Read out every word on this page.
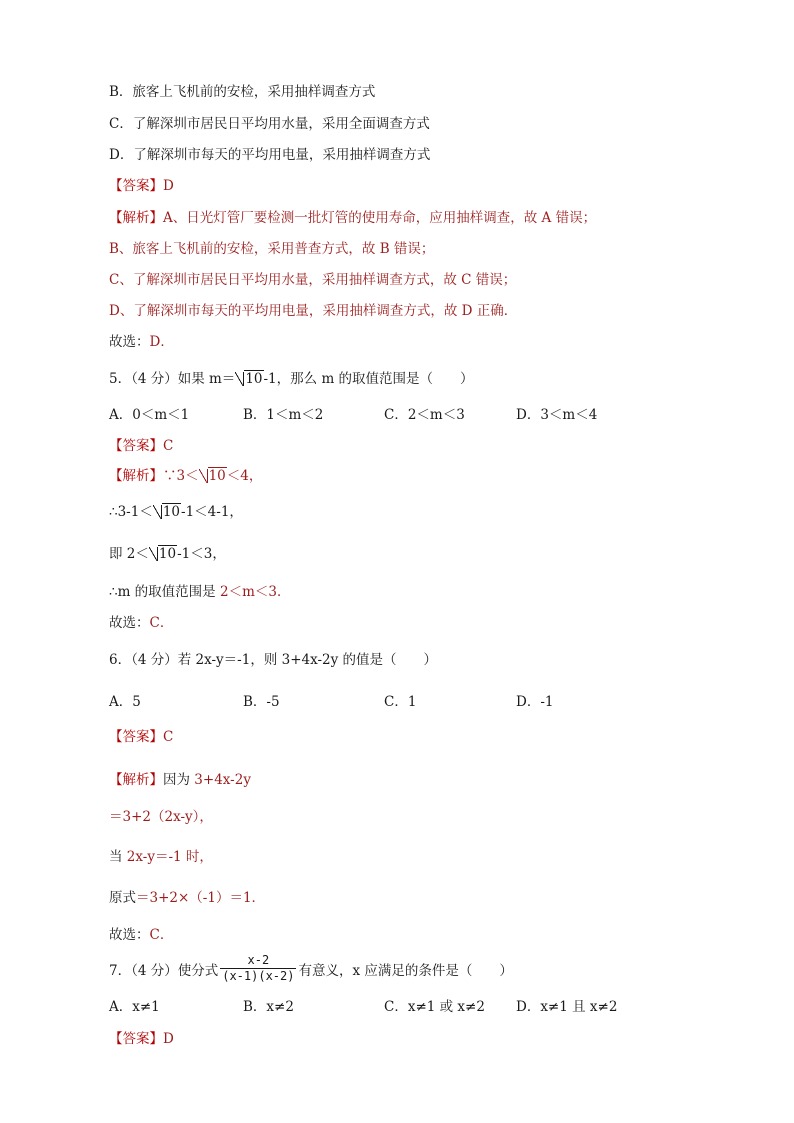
B．旅客上飞机前的安检，采用抽样调查方式
C．了解深圳市居民日平均用水量，采用全面调查方式
D．了解深圳市每天的平均用电量，采用抽样调查方式
【答案】D
【解析】A、日光灯管厂要检测一批灯管的使用寿命，应用抽样调查，故 A 错误；
B、旅客上飞机前的安检，采用普查方式，故 B 错误；
C、了解深圳市居民日平均用水量，采用抽样调查方式，故 C 错误；
D、了解深圳市每天的平均用电量，采用抽样调查方式，故 D 正确．
故选：D．
5．（4 分）如果 m＝ 10-1，那么 m 的取值范围是（　　）
A．0＜m＜1	B．1＜m＜2	C．2＜m＜3	D．3＜m＜4
【答案】C
【解析】∵3＜ 10＜4，
∴3-1＜ 10-1＜4-1，
即 2＜ 10-1＜3，
∴m 的取值范围是 2＜m＜3．
故选：C．
6．（4 分）若 2x-y＝-1，则 3+4x-2y 的值是（　　）
A．5	B．-5	C．1	D．-1
【答案】C
【解析】因为 3+4x-2y
＝3+2（2x-y），
当 2x-y＝-1 时，
原式＝3+2×（-1）＝1．
故选：C．
7．（4 分）使分式 $\frac{x-2}{(x-1)(x-2)}$ 有意义，x 应满足的条件是（　　）
A．x≠1	B．x≠2	C．x≠1 或 x≠2 D．x≠1 且 x≠2
【答案】D
